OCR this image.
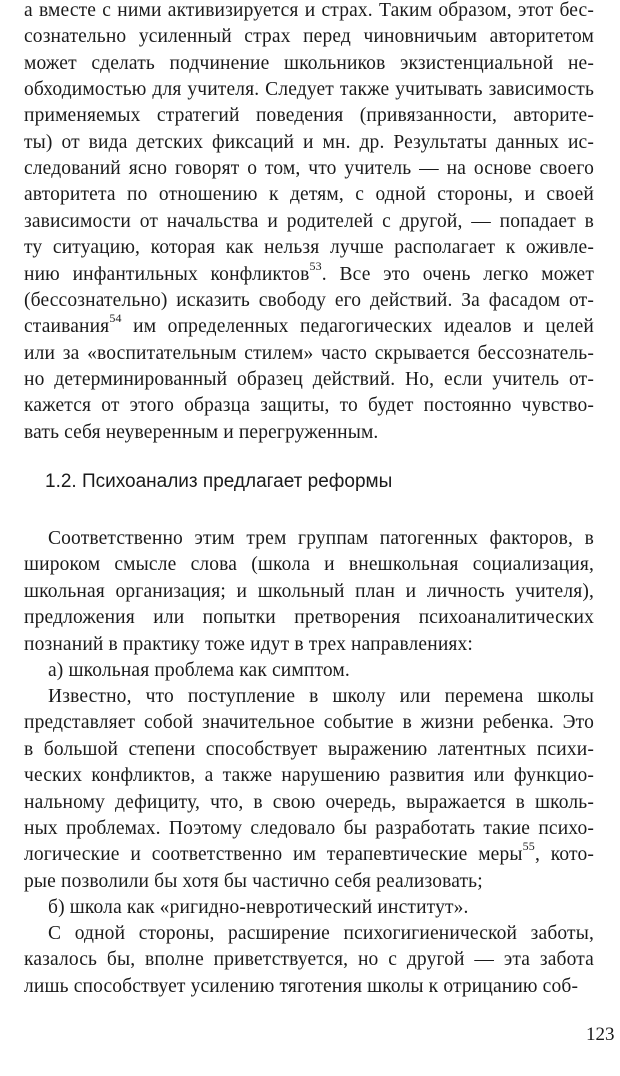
а вместе с ними активизируется и страх. Таким образом, этот бес-
сознательно усиленный страх перед чиновничьим авторитетом
может сделать подчинение школьников экзистенциальной не-
обходимостью для учителя. Следует также учитывать зависимость
применяемых стратегий поведения (привязанности, авторите-
ты) от вида детских фиксаций и мн. др. Результаты данных ис-
следований ясно говорят о том, что учитель — на основе своего
авторитета по отношению к детям, с одной стороны, и своей
зависимости от начальства и родителей с другой, — попадает в
ту ситуацию, которая как нельзя лучше располагает к оживлe-
нию инфантильных конфликтов$^{53}$. Все это очень легко может
(бессознательно) исказить свободу его действий. За фасадом от-
стаивания$^{54}$ им определенных педагогических идеалов и целей
или за «воспитательным стилем» часто скрывается бессознатель-
но детерминированный образец действий. Но, если учитель от-
кажется от этого образца защиты, то будет постоянно чувство-
вать себя неуверенным и перегруженным.
Соответственно этим трем группам патогенных факторов, в
широком смысле слова (школа и внешкольная социализация,
школьная организация; и школьный план и личность учителя),
предложения или попытки претворения психоаналитических
познаний в практику тоже идут в трех направлениях:
а) школьная проблема как симптом.
Известно, что поступление в школу или перемена школы
представляет собой значительное событие в жизни ребенка. Это
в большой степени способствует выражению латентных психи-
ческих конфликтов, а также нарушению развития или функцио-
нальному дефициту, что, в свою очередь, выражается в школь-
ных проблемах. Поэтому следовало бы разработать такие психо-
логические и соответственно им терапевтические меры$^{55}$, кото-
рые позволили бы хотя бы частично себя реализовать;
б) школа как «ригидно-невротический институт».
С одной стороны, расширение психогигиенической заботы,
казалось бы, вполне приветствуется, но с другой — эта забота
лишь способствует усилению тяготения школы к отрицанию соб-
1.2. Психоанализ предлагает реформы
123
